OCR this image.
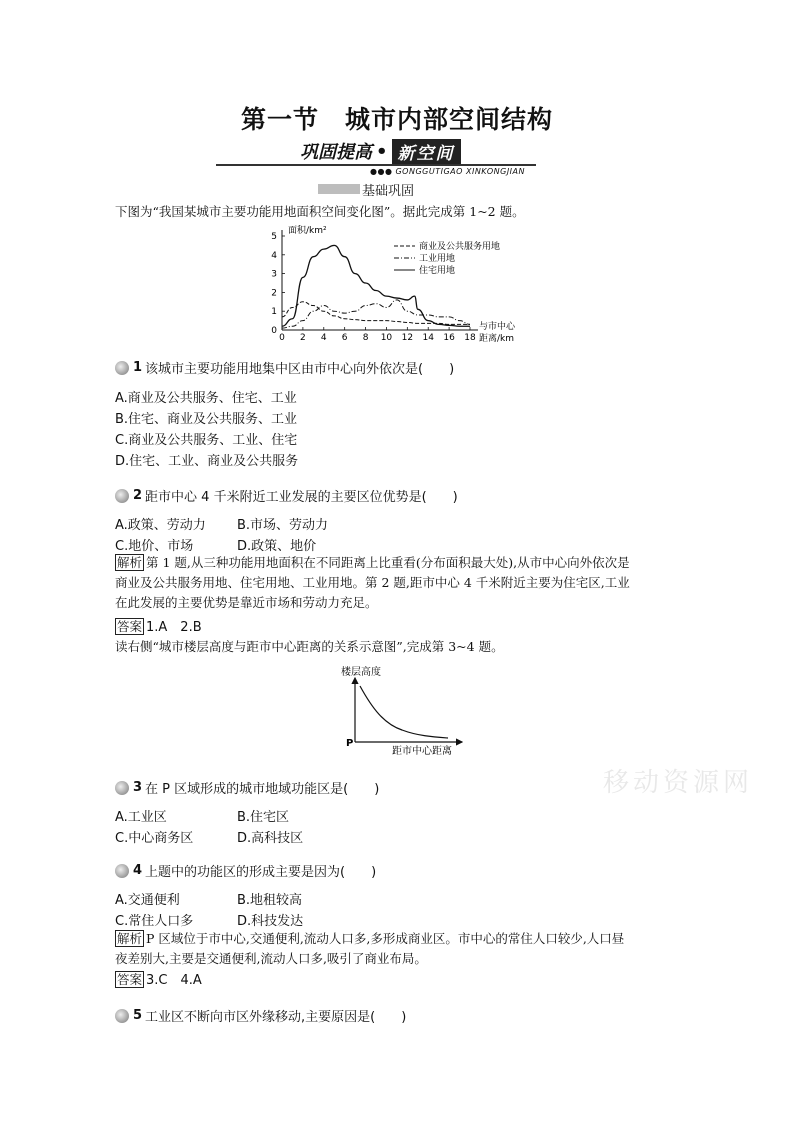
第一节　城市内部空间结构
巩固提高 • 新空间
●●● GONGGUTIGAO XINKONGJIAN
基础巩固
下图为“我国某城市主要功能用地面积空间变化图”。据此完成第 1~2 题。
0 2 4 6 8 10 12 14 16 18
0
1
2
3
4
5
商业及公共服务用地
工业用地
住宅用地
面积/km²
与市中心
距离/km
1 该城市主要功能用地集中区由市中心向外依次是(　　)
A.商业及公共服务、住宅、工业
B.住宅、商业及公共服务、工业
C.商业及公共服务、工业、住宅
D.住宅、工业、商业及公共服务
2 距市中心 4 千米附近工业发展的主要区位优势是(　　)
A.政策、劳动力 B.市场、劳动力
C.地价、市场	D.政策、地价
解析 第 1 题,从三种功能用地面积在不同距离上比重看(分布面积最大处),从市中心向外依次是
商业及公共服务用地、住宅用地、工业用地。第 2 题,距市中心 4 千米附近主要为住宅区,工业
在此发展的主要优势是靠近市场和劳动力充足。
答案 1.A　2.B
读右侧“城市楼层高度与距市中心距离的关系示意图”,完成第 3~4 题。
楼层高度
距市中心距离
P
移动资源网
3 在 P 区域形成的城市地域功能区是(　　)
A.工业区	B.住宅区
C.中心商务区	D.高科技区
4 上题中的功能区的形成主要是因为(　　)
A.交通便利	B.地租较高
C.常住人口多	D.科技发达
解析 P 区域位于市中心,交通便利,流动人口多,多形成商业区。市中心的常住人口较少,人口昼
夜差别大,主要是交通便利,流动人口多,吸引了商业布局。
答案 3.C　4.A
5 工业区不断向市区外缘移动,主要原因是(　　)
